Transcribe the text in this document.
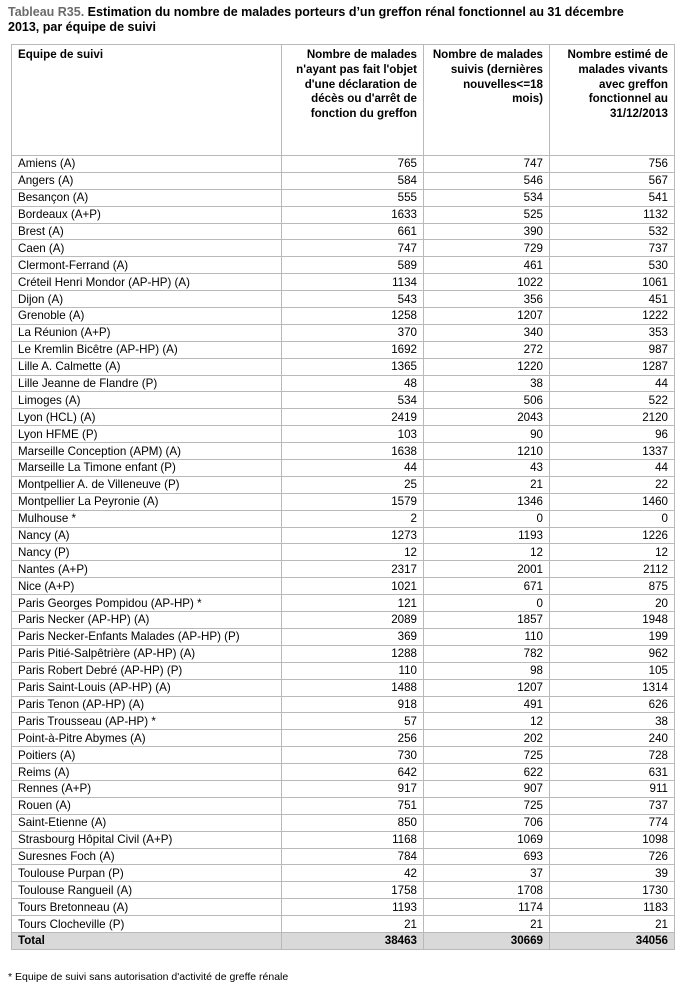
Tableau R35. Estimation du nombre de malades porteurs d’un greffon rénal fonctionnel au 31 décembre 2013, par équipe de suivi
Equipe de suivi	Nombre de malades n'ayant pas fait l'objet d'une déclaration de décès ou d'arrêt de fonction du greffon	Nombre de malades suivis (dernières nouvelles<=18 mois)	Nombre estimé de malades vivants avec greffon fonctionnel au 31/12/2013
Amiens (A)	765	747	756
Angers (A)	584	546	567
Besançon (A)	555	534	541
Bordeaux (A+P)	1633	525	1132
Brest (A)	661	390	532
Caen (A)	747	729	737
Clermont-Ferrand (A)	589	461	530
Créteil Henri Mondor (AP-HP) (A)	1134	1022	1061
Dijon (A)	543	356	451
Grenoble (A)	1258	1207	1222
La Réunion (A+P)	370	340	353
Le Kremlin Bicêtre (AP-HP) (A)	1692	272	987
Lille A. Calmette (A)	1365	1220	1287
Lille Jeanne de Flandre (P)	48	38	44
Limoges (A)	534	506	522
Lyon (HCL) (A)	2419	2043	2120
Lyon HFME (P)	103	90	96
Marseille Conception (APM) (A)	1638	1210	1337
Marseille La Timone enfant (P)	44	43	44
Montpellier A. de Villeneuve (P)	25	21	22
Montpellier La Peyronie (A)	1579	1346	1460
Mulhouse *	2	0	0
Nancy (A)	1273	1193	1226
Nancy (P)	12	12	12
Nantes (A+P)	2317	2001	2112
Nice (A+P)	1021	671	875
Paris Georges Pompidou (AP-HP) *	121	0	20
Paris Necker (AP-HP) (A)	2089	1857	1948
Paris Necker-Enfants Malades (AP-HP) (P)	369	110	199
Paris Pitié-Salpêtrière (AP-HP) (A)	1288	782	962
Paris Robert Debré (AP-HP) (P)	110	98	105
Paris Saint-Louis (AP-HP) (A)	1488	1207	1314
Paris Tenon (AP-HP) (A)	918	491	626
Paris Trousseau (AP-HP) *	57	12	38
Point-à-Pitre Abymes (A)	256	202	240
Poitiers (A)	730	725	728
Reims (A)	642	622	631
Rennes (A+P)	917	907	911
Rouen (A)	751	725	737
Saint-Etienne (A)	850	706	774
Strasbourg Hôpital Civil (A+P)	1168	1069	1098
Suresnes Foch (A)	784	693	726
Toulouse Purpan (P)	42	37	39
Toulouse Rangueil (A)	1758	1708	1730
Tours Bretonneau (A)	1193	1174	1183
Tours Clocheville (P)	21	21	21
Total	38463	30669	34056
* Equipe de suivi sans autorisation d'activité de greffe rénale
